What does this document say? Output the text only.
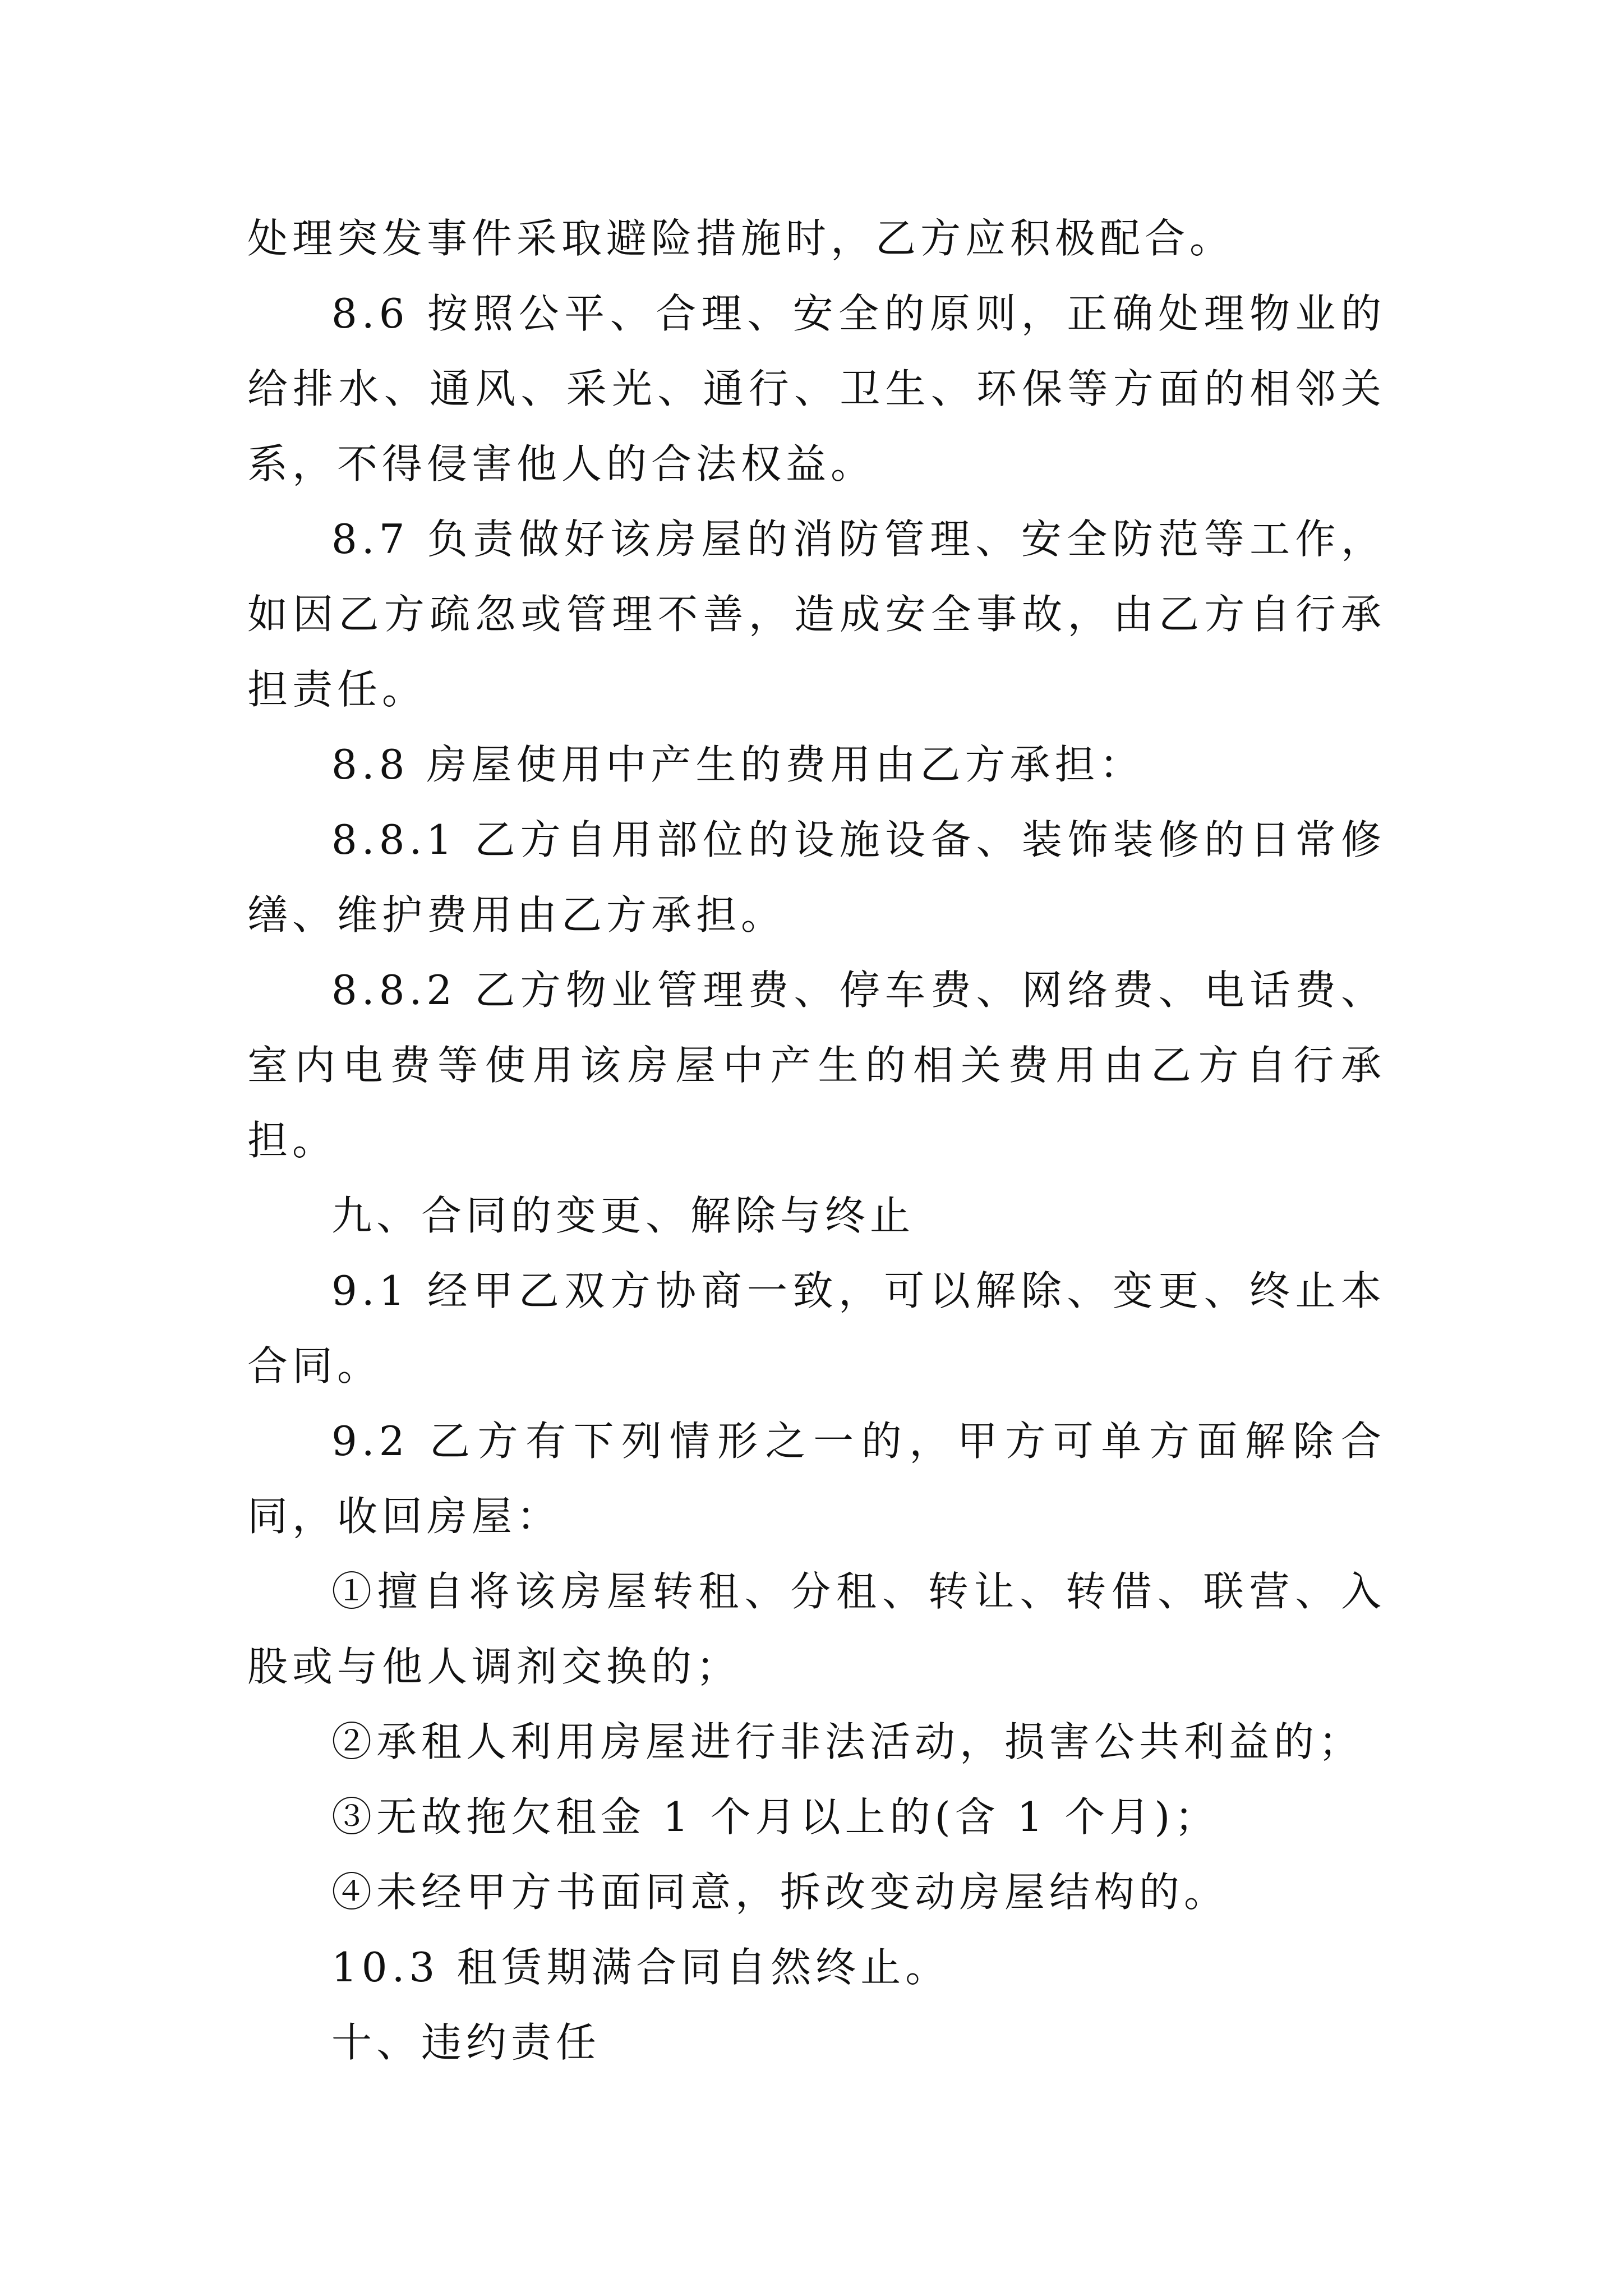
处理突发事件采取避险措施时，乙方应积极配合。

8.6 按照公平、合理、安全的原则，正确处理物业的给排水、通风、采光、通行、卫生、环保等方面的相邻关系，不得侵害他人的合法权益。

8.7 负责做好该房屋的消防管理、安全防范等工作，如因乙方疏忽或管理不善，造成安全事故，由乙方自行承担责任。

8.8 房屋使用中产生的费用由乙方承担：

8.8.1 乙方自用部位的设施设备、装饰装修的日常修缮、维护费用由乙方承担。

8.8.2 乙方物业管理费、停车费、网络费、电话费、室内电费等使用该房屋中产生的相关费用由乙方自行承担。

九、合同的变更、解除与终止

9.1 经甲乙双方协商一致，可以解除、变更、终止本合同。

9.2 乙方有下列情形之一的，甲方可单方面解除合同，收回房屋：

①擅自将该房屋转租、分租、转让、转借、联营、入股或与他人调剂交换的；

②承租人利用房屋进行非法活动，损害公共利益的；

③无故拖欠租金 1 个月以上的(含 1 个月)；

④未经甲方书面同意，拆改变动房屋结构的。

10.3 租赁期满合同自然终止。

十、违约责任
